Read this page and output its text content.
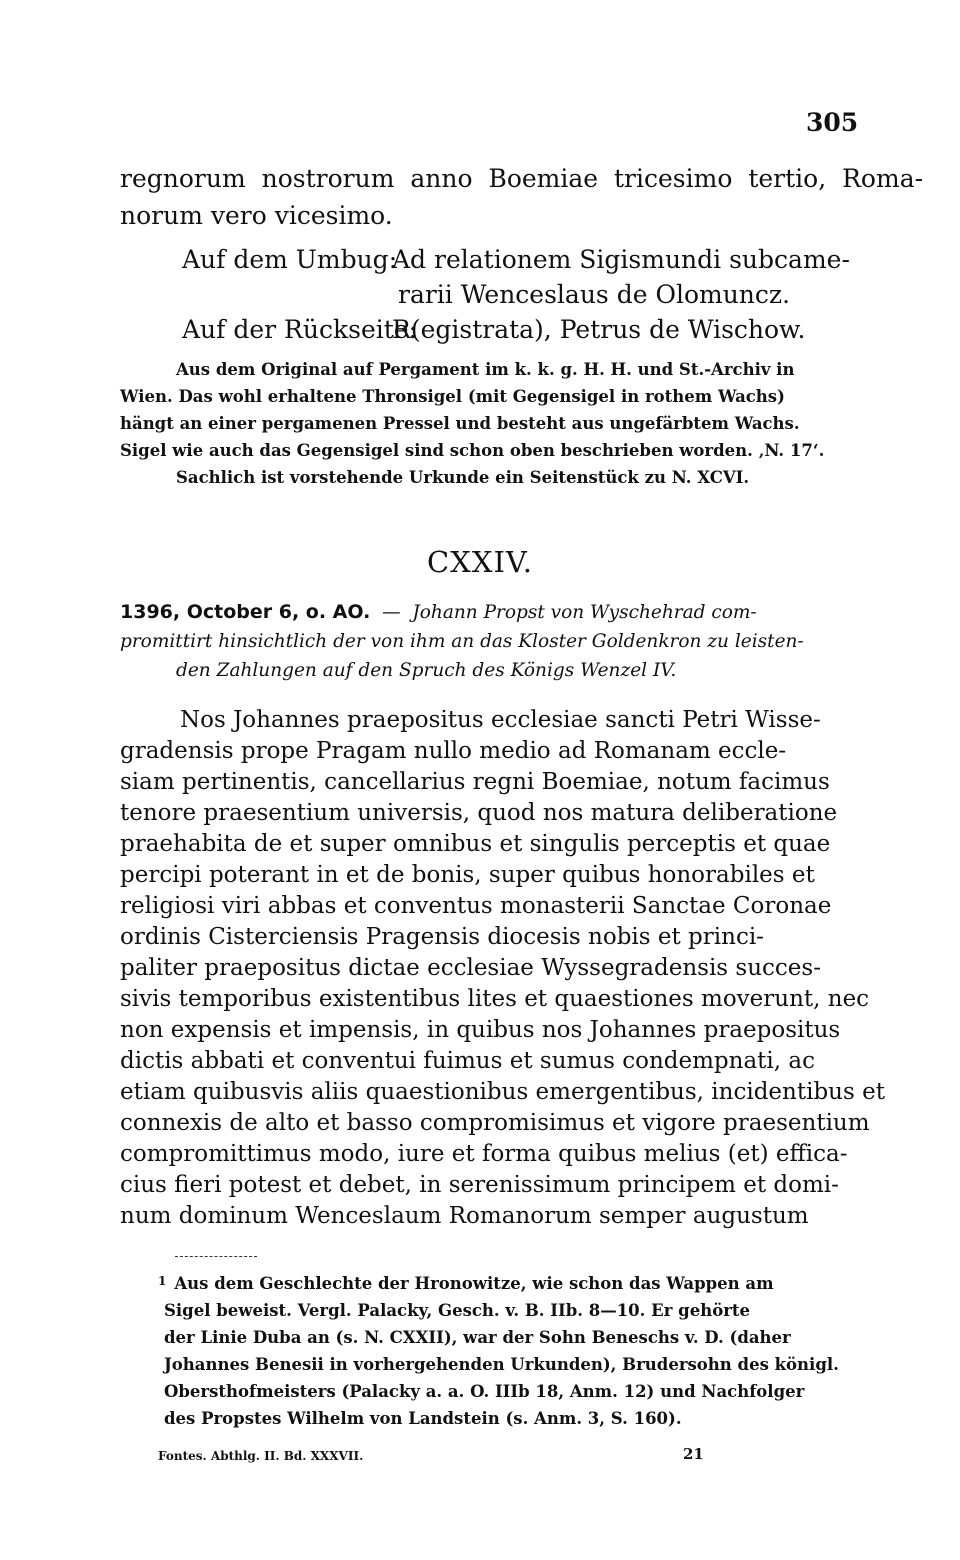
305
regnorum nostrorum anno Boemiae tricesimo tertio, Roma-
norum vero vicesimo.
Auf dem Umbug:
Ad relationem Sigismundi subcame-
rarii Wenceslaus de Olomuncz.
Auf der Rückseite:
R(egistrata), Petrus de Wischow.
Aus dem Original auf Pergament im k. k. g. H. H. und St.-Archiv in
Wien. Das wohl erhaltene Thronsigel (mit Gegensigel in rothem Wachs)
hängt an einer pergamenen Pressel und besteht aus ungefärbtem Wachs.
Sigel wie auch das Gegensigel sind schon oben beschrieben worden. ‚N. 17‘.
Sachlich ist vorstehende Urkunde ein Seitenstück zu N. XCVI.
CXXIV.
1396, October 6, o. AO. — Johann Propst von Wyschehrad com-
promittirt hinsichtlich der von ihm an das Kloster Goldenkron zu leisten-
den Zahlungen auf den Spruch des Königs Wenzel IV.
Nos Johannes praepositus ecclesiae sancti Petri Wisse-
gradensis prope Pragam nullo medio ad Romanam eccle-
siam pertinentis, cancellarius regni Boemiae, notum facimus
tenore praesentium universis, quod nos matura deliberatione
praehabita de et super omnibus et singulis perceptis et quae
percipi poterant in et de bonis, super quibus honorabiles et
religiosi viri abbas et conventus monasterii Sanctae Coronae
ordinis Cisterciensis Pragensis diocesis nobis et princi-
paliter praepositus dictae ecclesiae Wyssegradensis succes-
sivis temporibus existentibus lites et quaestiones moverunt, nec
non expensis et impensis, in quibus nos Johannes praepositus
dictis abbati et conventui fuimus et sumus condempnati, ac
etiam quibusvis aliis quaestionibus emergentibus, incidentibus et
connexis de alto et basso compromisimus et vigore praesentium
compromittimus modo, iure et forma quibus melius (et) effica-
cius fieri potest et debet, in serenissimum principem et domi-
num dominum Wenceslaum Romanorum semper augustum
$^1$ Aus dem Geschlechte der Hronowitze, wie schon das Wappen am
Sigel beweist. Vergl. Palacky, Gesch. v. B. IIb. 8—10. Er gehörte
der Linie Duba an (s. N. CXXII), war der Sohn Beneschs v. D. (daher
Johannes Benesii in vorhergehenden Urkunden), Brudersohn des königl.
Obersthofmeisters (Palacky a. a. O. IIIb 18, Anm. 12) und Nachfolger
des Propstes Wilhelm von Landstein (s. Anm. 3, S. 160).
Fontes. Abthlg. II. Bd. XXXVII.	21
